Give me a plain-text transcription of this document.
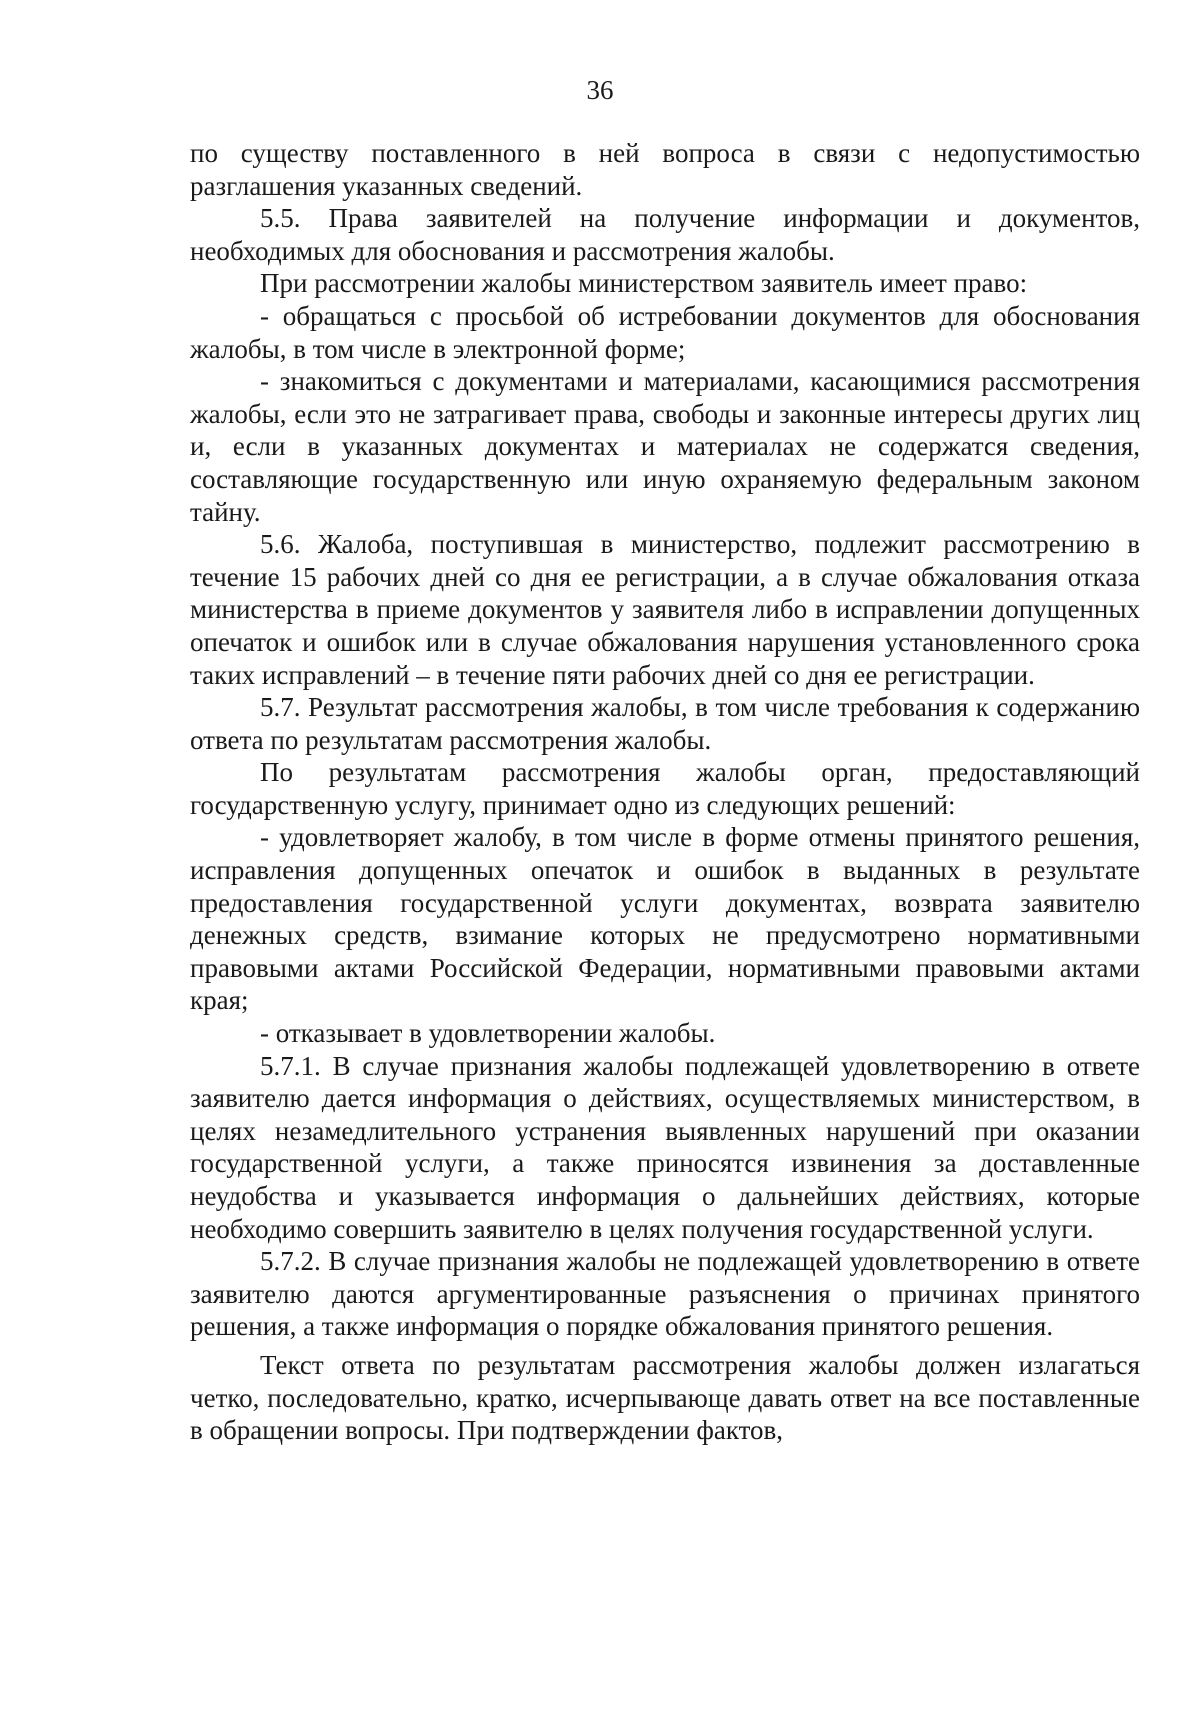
36

по существу поставленного в ней вопроса в связи с недопустимостью разглашения указанных сведений.

5.5. Права заявителей на получение информации и документов, необходимых для обоснования и рассмотрения жалобы.

При рассмотрении жалобы министерством заявитель имеет право:

- обращаться с просьбой об истребовании документов для обоснования жалобы, в том числе в электронной форме;

- знакомиться с документами и материалами, касающимися рассмотрения жалобы, если это не затрагивает права, свободы и законные интересы других лиц и, если в указанных документах и материалах не содержатся сведения, составляющие государственную или иную охраняемую федеральным законом тайну.

5.6. Жалоба, поступившая в министерство, подлежит рассмотрению в течение 15 рабочих дней со дня ее регистрации, а в случае обжалования отказа министерства в приеме документов у заявителя либо в исправлении допущенных опечаток и ошибок или в случае обжалования нарушения установленного срока таких исправлений – в течение пяти рабочих дней со дня ее регистрации.

5.7. Результат рассмотрения жалобы, в том числе требования к содержанию ответа по результатам рассмотрения жалобы.

По результатам рассмотрения жалобы орган, предоставляющий государственную услугу, принимает одно из следующих решений:

- удовлетворяет жалобу, в том числе в форме отмены принятого решения, исправления допущенных опечаток и ошибок в выданных в результате предоставления государственной услуги документах, возврата заявителю денежных средств, взимание которых не предусмотрено нормативными правовыми актами Российской Федерации, нормативными правовыми актами края;

- отказывает в удовлетворении жалобы.

5.7.1. В случае признания жалобы подлежащей удовлетворению в ответе заявителю дается информация о действиях, осуществляемых министерством, в целях незамедлительного устранения выявленных нарушений при оказании государственной услуги, а также приносятся извинения за доставленные неудобства и указывается информация о дальнейших действиях, которые необходимо совершить заявителю в целях получения государственной услуги.

5.7.2. В случае признания жалобы не подлежащей удовлетворению в ответе заявителю даются аргументированные разъяснения о причинах принятого решения, а также информация о порядке обжалования принятого решения.

Текст ответа по результатам рассмотрения жалобы должен излагаться четко, последовательно, кратко, исчерпывающе давать ответ на все поставленные в обращении вопросы. При подтверждении фактов,
